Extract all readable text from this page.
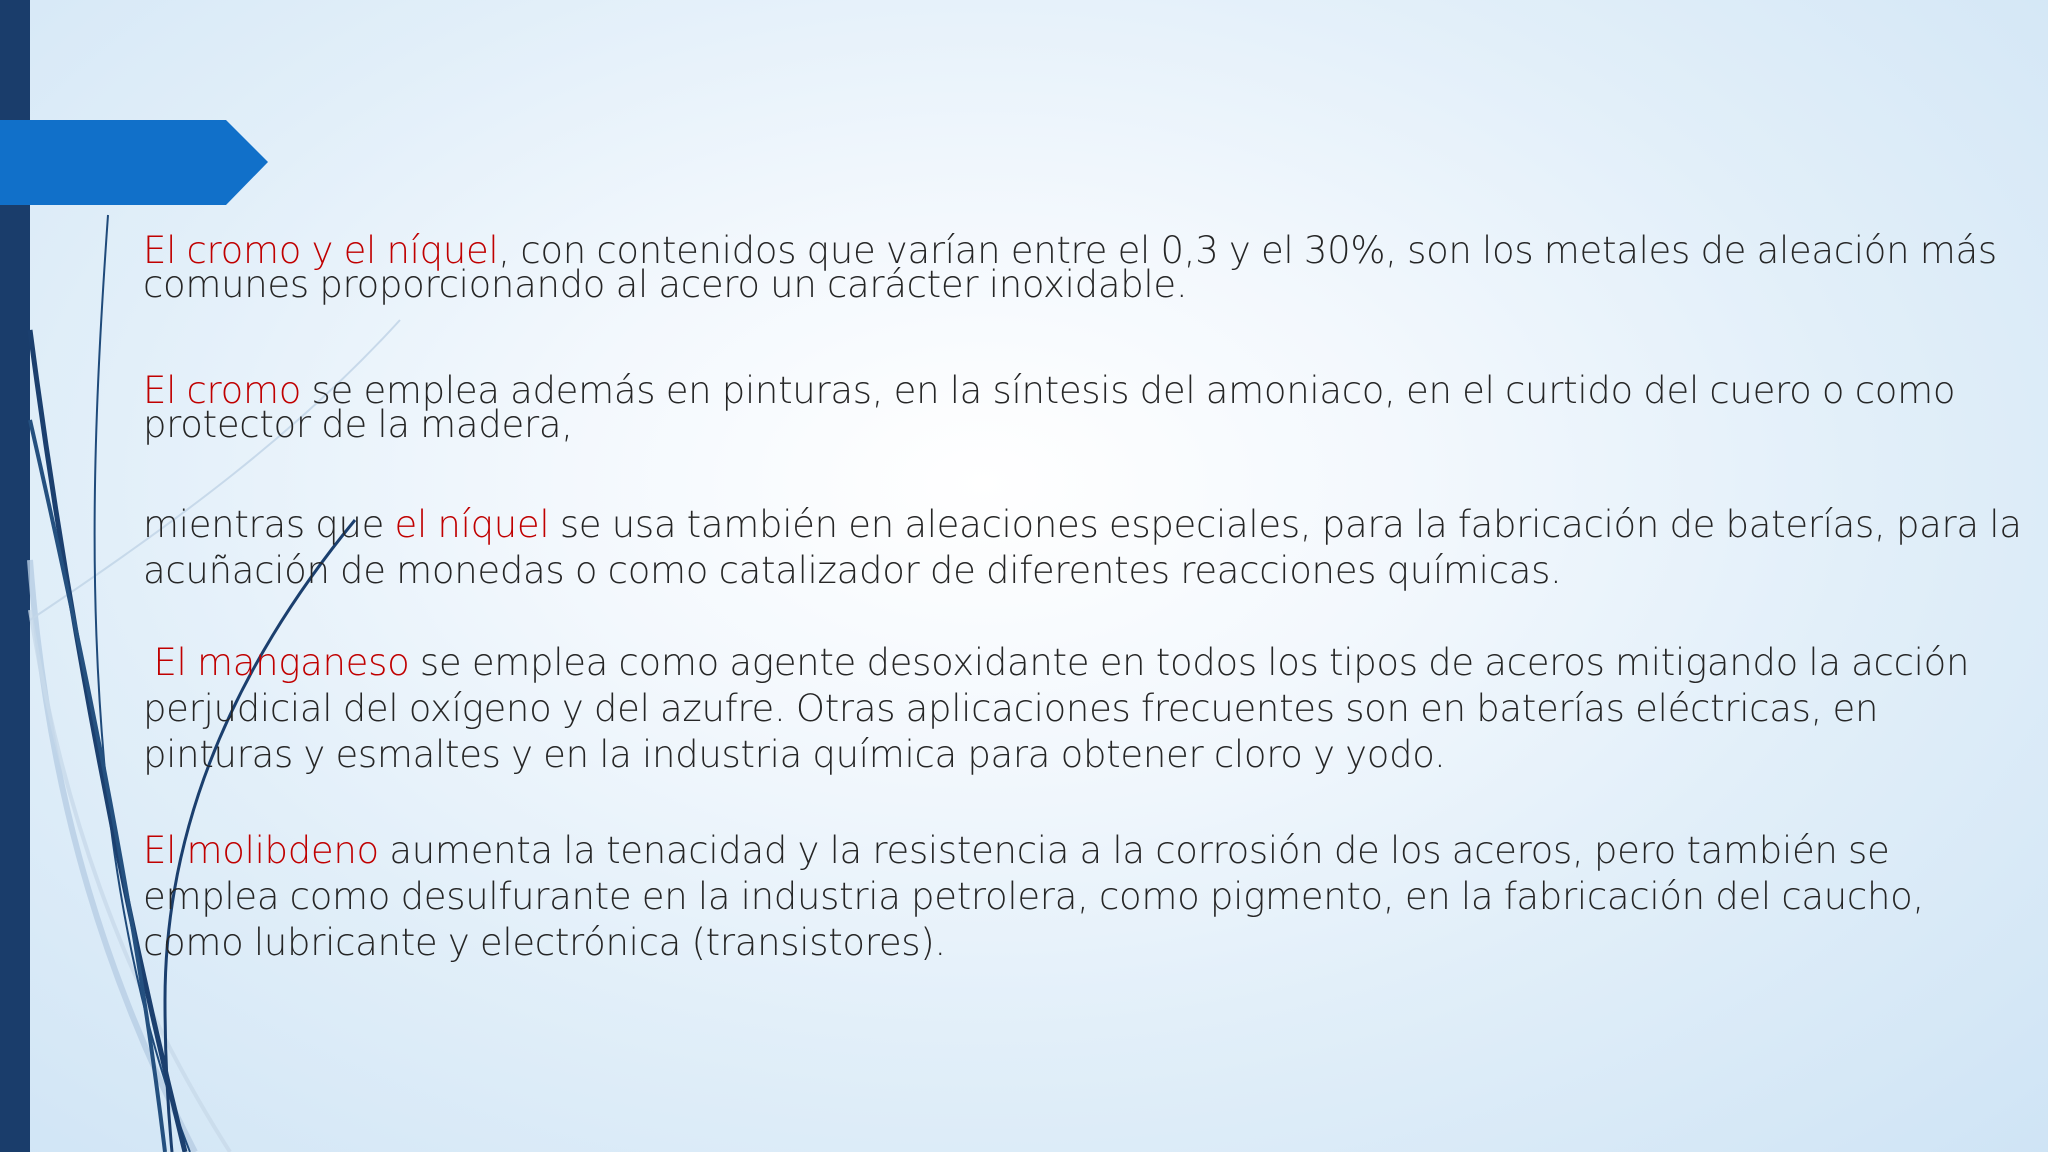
El cromo y el níquel, con contenidos que varían entre el 0,3 y el 30%, son los metales de aleación más comunes proporcionando al acero un carácter inoxidable.

El cromo se emplea además en pinturas, en la síntesis del amoniaco, en el curtido del cuero o como protector de la madera,

mientras que el níquel se usa también en aleaciones especiales, para la fabricación de baterías, para la acuñación de monedas o como catalizador de diferentes reacciones químicas.

El manganeso se emplea como agente desoxidante en todos los tipos de aceros mitigando la acción perjudicial del oxígeno y del azufre. Otras aplicaciones frecuentes son en baterías eléctricas, en pinturas y esmaltes y en la industria química para obtener cloro y yodo.

El molibdeno aumenta la tenacidad y la resistencia a la corrosión de los aceros, pero también se emplea como desulfurante en la industria petrolera, como pigmento, en la fabricación del caucho, como lubricante y electrónica (transistores).
